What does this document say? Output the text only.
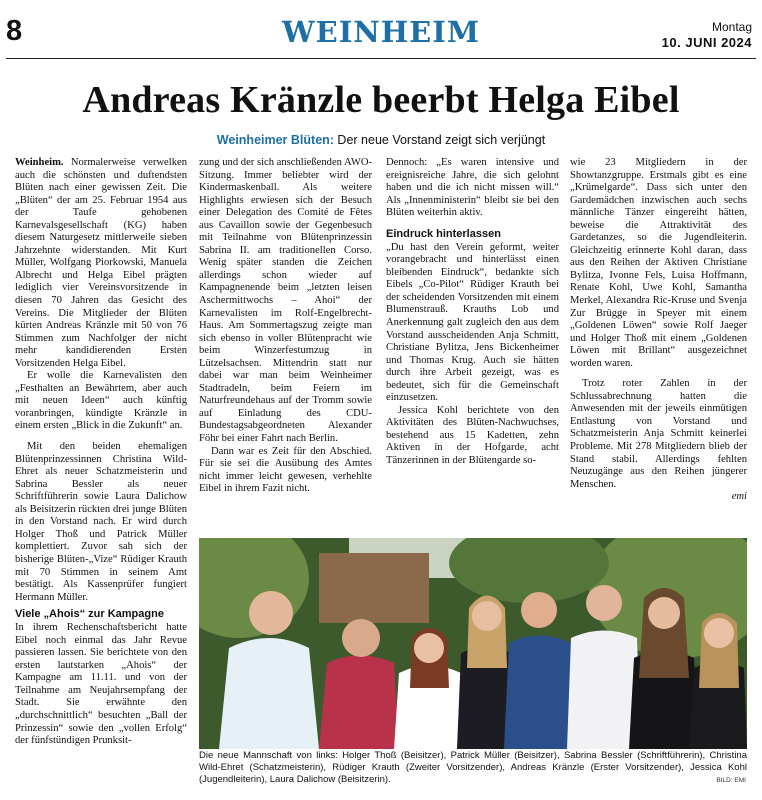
8	WEINHEIM	Montag
10. JUNI 2024
Andreas Kränzle beerbt Helga Eibel
Weinheimer Blüten: Der neue Vorstand zeigt sich verjüngt

Weinheim. Normalerweise verwelken auch die schönsten und duftendsten Blüten nach einer gewissen Zeit. Die „Blüten“ der am 25. Februar 1954 aus der Taufe gehobenen Karnevalsgesellschaft (KG) haben diesem Naturgesetz mittlerweile sieben Jahrzehnte widerstanden. Mit Kurt Müller, Wolfgang Piorkowski, Manuela Albrecht und Helga Eibel prägten lediglich vier Vereinsvorsitzende in diesen 70 Jahren das Gesicht des Vereins. Die Mitglieder der Blüten kürten Andreas Kränzle mit 50 von 76 Stimmen zum Nachfolger der nicht mehr kandidierenden Ersten Vorsitzenden Helga Eibel.

Er wolle die Karnevalisten den „Festhalten an Bewährtem, aber auch mit neuen Ideen“ auch künftig voranbringen, kündigte Kränzle in einem ersten „Blick in die Zukunft“ an.

Mit den beiden ehemaligen Blütenprinzessinnen Christina Wild-Ehret als neuer Schatzmeisterin und Sabrina Bessler als neuer Schriftführerin sowie Laura Dalichow als Beisitzerin rückten drei junge Blüten in den Vorstand nach. Er wird durch Holger Thoß und Patrick Müller komplettiert. Zuvor sah sich der bisherige Blüten-„Vize“ Rüdiger Krauth mit 70 Stimmen in seinem Amt bestätigt. Als Kassenprüfer fungiert Hermann Müller.

Viele „Ahois“ zur Kampagne

In ihrem Rechenschaftsbericht hatte Eibel noch einmal das Jahr Revue passieren lassen. Sie berichtete von den ersten lautstarken „Ahois“ der Kampagne am 11.11. und von der Teilnahme am Neujahrsempfang der Stadt. Sie erwähnte den „durchschnittlich“ besuchten „Ball der Prinzessin“ sowie den „vollen Erfolg“ der fünfstündigen Prunksit-

zung und der sich anschließenden AWO-Sitzung. Immer beliebter wird der Kindermaskenball. Als weitere Highlights erwiesen sich der Besuch einer Delegation des Comité de Fêtes aus Cavaillon sowie der Gegenbesuch mit Teilnahme von Blütenprinzessin Sabrina II. am traditionellen Corso. Wenig später standen die Zeichen allerdings schon wieder auf Kampagnenende beim „letzten leisen Aschermittwochs – Ahoi“ der Karnevalisten im Rolf-Engelbrecht-Haus. Am Sommertagszug zeigte man sich ebenso in voller Blütenpracht wie beim Winzerfestumzug in Lützelsachsen. Mittendrin statt nur dabei war man beim Weinheimer Stadtradeln, beim Feiern im Naturfreundehaus auf der Tromm sowie auf Einladung des CDU-Bundestagsabgeordneten Alexander Föhr bei einer Fahrt nach Berlin.

Dann war es Zeit für den Abschied. Für sie sei die Ausübung des Amtes nicht immer leicht gewesen, verhehlte Eibel in ihrem Fazit nicht.

Dennoch: „Es waren intensive und ereignisreiche Jahre, die sich gelohnt haben und die ich nicht missen will.“ Als „Innenministerin“ bleibt sie bei den Blüten weiterhin aktiv.

Eindruck hinterlassen

„Du hast den Verein geformt, weiter vorangebracht und hinterlässt einen bleibenden Eindruck“, bedankte sich Eibels „Co-Pilot“ Rüdiger Krauth bei der scheidenden Vorsitzenden mit einem Blumenstrauß. Krauths Lob und Anerkennung galt zugleich den aus dem Vorstand ausscheidenden Anja Schmitt, Christiane Bylitza, Jens Bickenheimer und Thomas Krug. Auch sie hätten durch ihre Arbeit gezeigt, was es bedeutet, sich für die Gemeinschaft einzusetzen.

Jessica Kohl berichtete von den Aktivitäten des Blüten-Nachwuchses, bestehend aus 15 Kadetten, zehn Aktiven in der Hofgarde, acht Tänzerinnen in der Blütengarde so-

wie 23 Mitgliedern in der Showtanzgruppe. Erstmals gibt es eine „Krümelgarde“. Dass sich unter den Gardemädchen inzwischen auch sechs männliche Tänzer eingereiht hätten, beweise die Attraktivität des Gardetanzes, so die Jugendleiterin. Gleichzeitig erinnerte Kohl daran, dass aus den Reihen der Aktiven Christiane Bylitza, Ivonne Fels, Luisa Hoffmann, Renate Kohl, Uwe Kohl, Samantha Merkel, Alexandra Ric-Kruse und Svenja Zur Brügge in Speyer mit einem „Goldenen Löwen“ sowie Rolf Jaeger und Holger Thoß mit einem „Goldenen Löwen mit Brillant“ ausgezeichnet worden waren.

Trotz roter Zahlen in der Schlussabrechnung hatten die Anwesenden mit der jeweils einmütigen Entlastung von Vorstand und Schatzmeisterin Anja Schmitt keinerlei Probleme. Mit 278 Mitgliedern blieb der Stand stabil. Allerdings fehlten Neuzugänge aus den Reihen jüngerer Menschen.

emi

Die neue Mannschaft von links: Holger Thoß (Beisitzer), Patrick Müller (Beisitzer), Sabrina Bessler (Schriftführerin), Christina Wild-Ehret (Schatzmeisterin), Rüdiger Krauth (Zweiter Vorsitzender), Andreas Kränzle (Erster Vorsitzender), Jessica Kohl (Jugendleiterin), Laura Dalichow (Beisitzerin).	BILD: EMI
